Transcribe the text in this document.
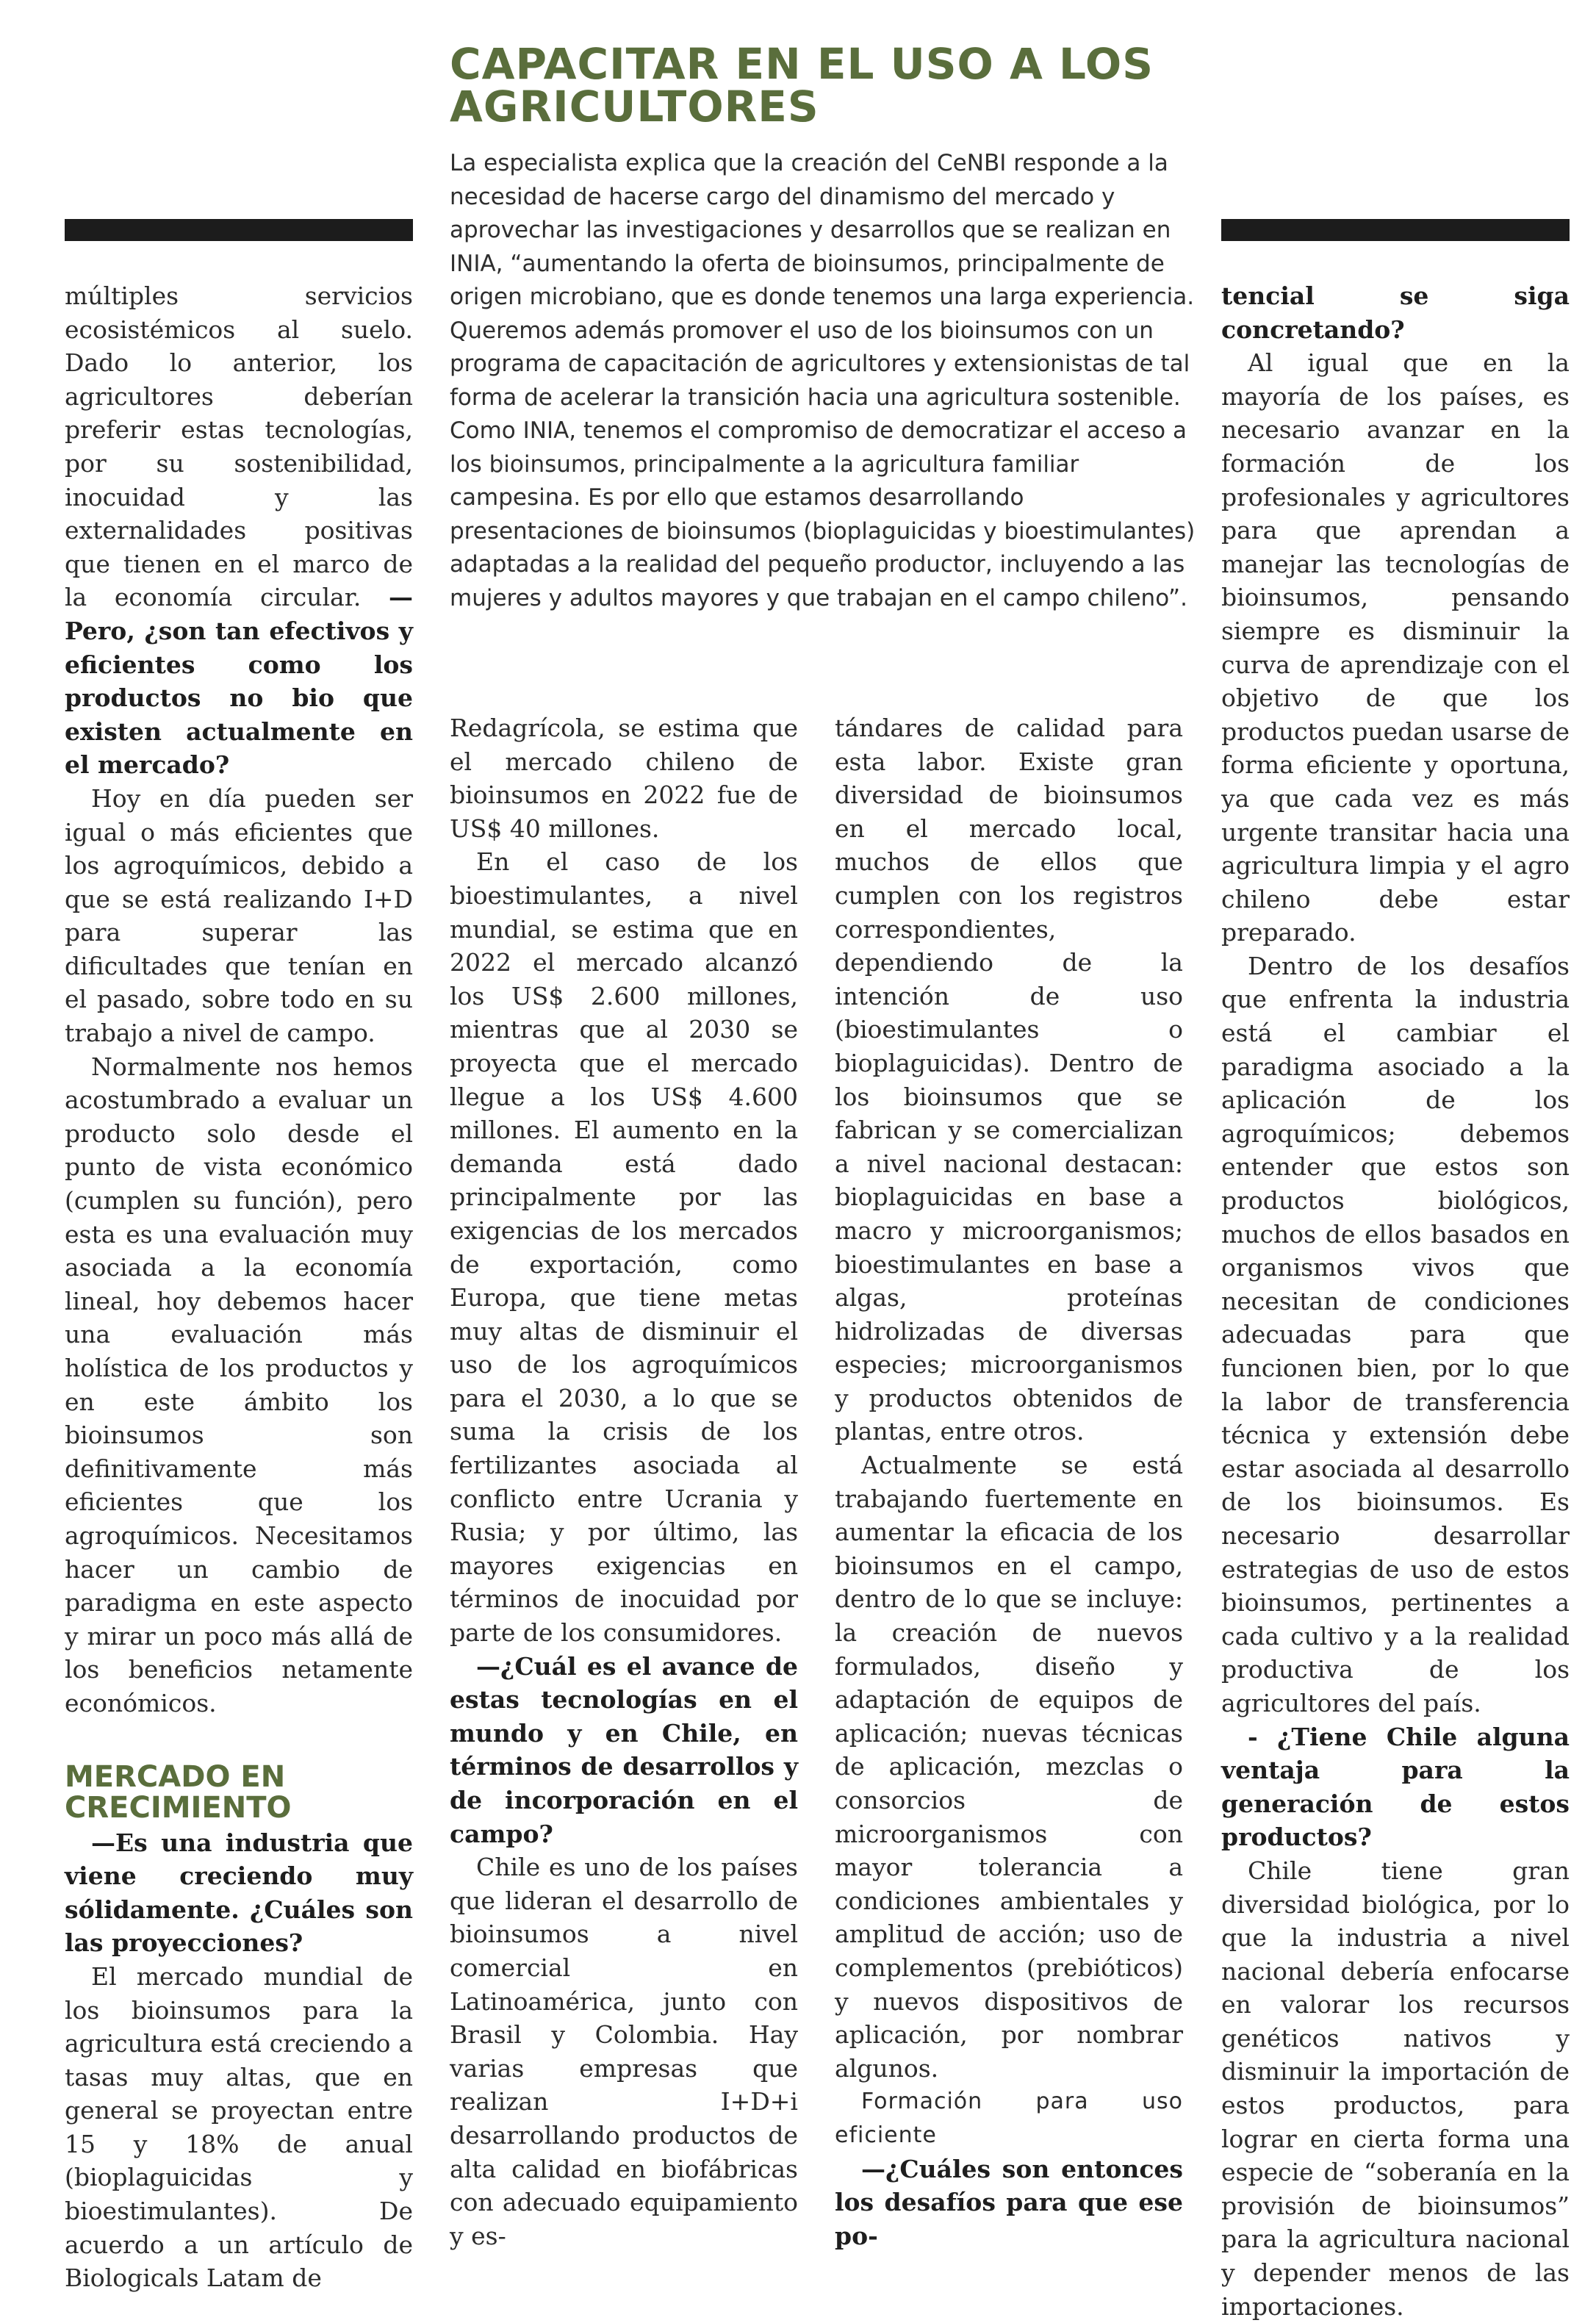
CAPACITAR EN EL USO A LOS AGRICULTORES

La especialista explica que la creación del CeNBI responde a la necesidad de hacerse cargo del dinamismo del mercado y aprovechar las investigaciones y desarrollos que se realizan en INIA, “aumentando la oferta de bioinsumos, principalmente de origen microbiano, que es donde tenemos una larga experiencia. Queremos además promover el uso de los bioinsumos con un programa de capacitación de agricultores y extensionistas de tal forma de acelerar la transición hacia una agricultura sostenible.

Como INIA, tenemos el compromiso de democratizar el acceso a los bioinsumos, principalmente a la agricultura familiar campesina. Es por ello que estamos desarrollando presentaciones de bioinsumos (bioplaguicidas y bioestimulantes) adaptadas a la realidad del pequeño productor, incluyendo a las mujeres y adultos mayores y que trabajan en el campo chileno”.

múltiples servicios ecosistémicos al suelo. Dado lo anterior, los agricultores deberían preferir estas tecnologías, por su sostenibilidad, inocuidad y las externalidades positivas que tienen en el marco de la economía circular. —Pero, ¿son tan efectivos y eficientes como los productos no bio que existen actualmente en el mercado?

Hoy en día pueden ser igual o más eficientes que los agroquímicos, debido a que se está realizando I+D para superar las dificultades que tenían en el pasado, sobre todo en su trabajo a nivel de campo.

Normalmente nos hemos acostumbrado a evaluar un producto solo desde el punto de vista económico (cumplen su función), pero esta es una evaluación muy asociada a la economía lineal, hoy debemos hacer una evaluación más holística de los productos y en este ámbito los bioinsumos son definitivamente más eficientes que los agroquímicos. Necesitamos hacer un cambio de paradigma en este aspecto y mirar un poco más allá de los beneficios netamente económicos.

MERCADO EN CRECIMIENTO

—Es una industria que viene creciendo muy sólidamente. ¿Cuáles son las proyecciones?

El mercado mundial de los bioinsumos para la agricultura está creciendo a tasas muy altas, que en general se proyectan entre 15 y 18% de anual (bioplaguicidas y bioestimulantes). De acuerdo a un artículo de Biologicals Latam de

Redagrícola, se estima que el mercado chileno de bioinsumos en 2022 fue de US$ 40 millones.

En el caso de los bioestimulantes, a nivel mundial, se estima que en 2022 el mercado alcanzó los US$ 2.600 millones, mientras que al 2030 se proyecta que el mercado llegue a los US$ 4.600 millones. El aumento en la demanda está dado principalmente por las exigencias de los mercados de exportación, como Europa, que tiene metas muy altas de disminuir el uso de los agroquímicos para el 2030, a lo que se suma la crisis de los fertilizantes asociada al conflicto entre Ucrania y Rusia; y por último, las mayores exigencias en términos de inocuidad por parte de los consumidores.

—¿Cuál es el avance de estas tecnologías en el mundo y en Chile, en términos de desarrollos y de incorporación en el campo?

Chile es uno de los países que lideran el desarrollo de bioinsumos a nivel comercial en Latinoamérica, junto con Brasil y Colombia. Hay varias empresas que realizan I+D+i desarrollando productos de alta calidad en biofábricas con adecuado equipamiento y es-

tándares de calidad para esta labor. Existe gran diversidad de bioinsumos en el mercado local, muchos de ellos que cumplen con los registros correspondientes, dependiendo de la intención de uso (bioestimulantes o bioplaguicidas). Dentro de los bioinsumos que se fabrican y se comercializan a nivel nacional destacan: bioplaguicidas en base a macro y microorganismos; bioestimulantes en base a algas, proteínas hidrolizadas de diversas especies; microorganismos y productos obtenidos de plantas, entre otros.

Actualmente se está trabajando fuertemente en aumentar la eficacia de los bioinsumos en el campo, dentro de lo que se incluye: la creación de nuevos formulados, diseño y adaptación de equipos de aplicación; nuevas técnicas de aplicación, mezclas o consorcios de microorganismos con mayor tolerancia a condiciones ambientales y amplitud de acción; uso de complementos (prebióticos) y nuevos dispositivos de aplicación, por nombrar algunos.

Formación para uso eficiente

—¿Cuáles son entonces los desafíos para que ese po-

tencial se siga concretando?

Al igual que en la mayoría de los países, es necesario avanzar en la formación de los profesionales y agricultores para que aprendan a manejar las tecnologías de bioinsumos, pensando siempre es disminuir la curva de aprendizaje con el objetivo de que los productos puedan usarse de forma eficiente y oportuna, ya que cada vez es más urgente transitar hacia una agricultura limpia y el agro chileno debe estar preparado.

Dentro de los desafíos que enfrenta la industria está el cambiar el paradigma asociado a la aplicación de los agroquímicos; debemos entender que estos son productos biológicos, muchos de ellos basados en organismos vivos que necesitan de condiciones adecuadas para que funcionen bien, por lo que la labor de transferencia técnica y extensión debe estar asociada al desarrollo de los bioinsumos. Es necesario desarrollar estrategias de uso de estos bioinsumos, pertinentes a cada cultivo y a la realidad productiva de los agricultores del país.

- ¿Tiene Chile alguna ventaja para la generación de estos productos?

Chile tiene gran diversidad biológica, por lo que la industria a nivel nacional debería enfocarse en valorar los recursos genéticos nativos y disminuir la importación de estos productos, para lograr en cierta forma una especie de “soberanía en la provisión de bioinsumos” para la agricultura nacional y depender menos de las importaciones.
